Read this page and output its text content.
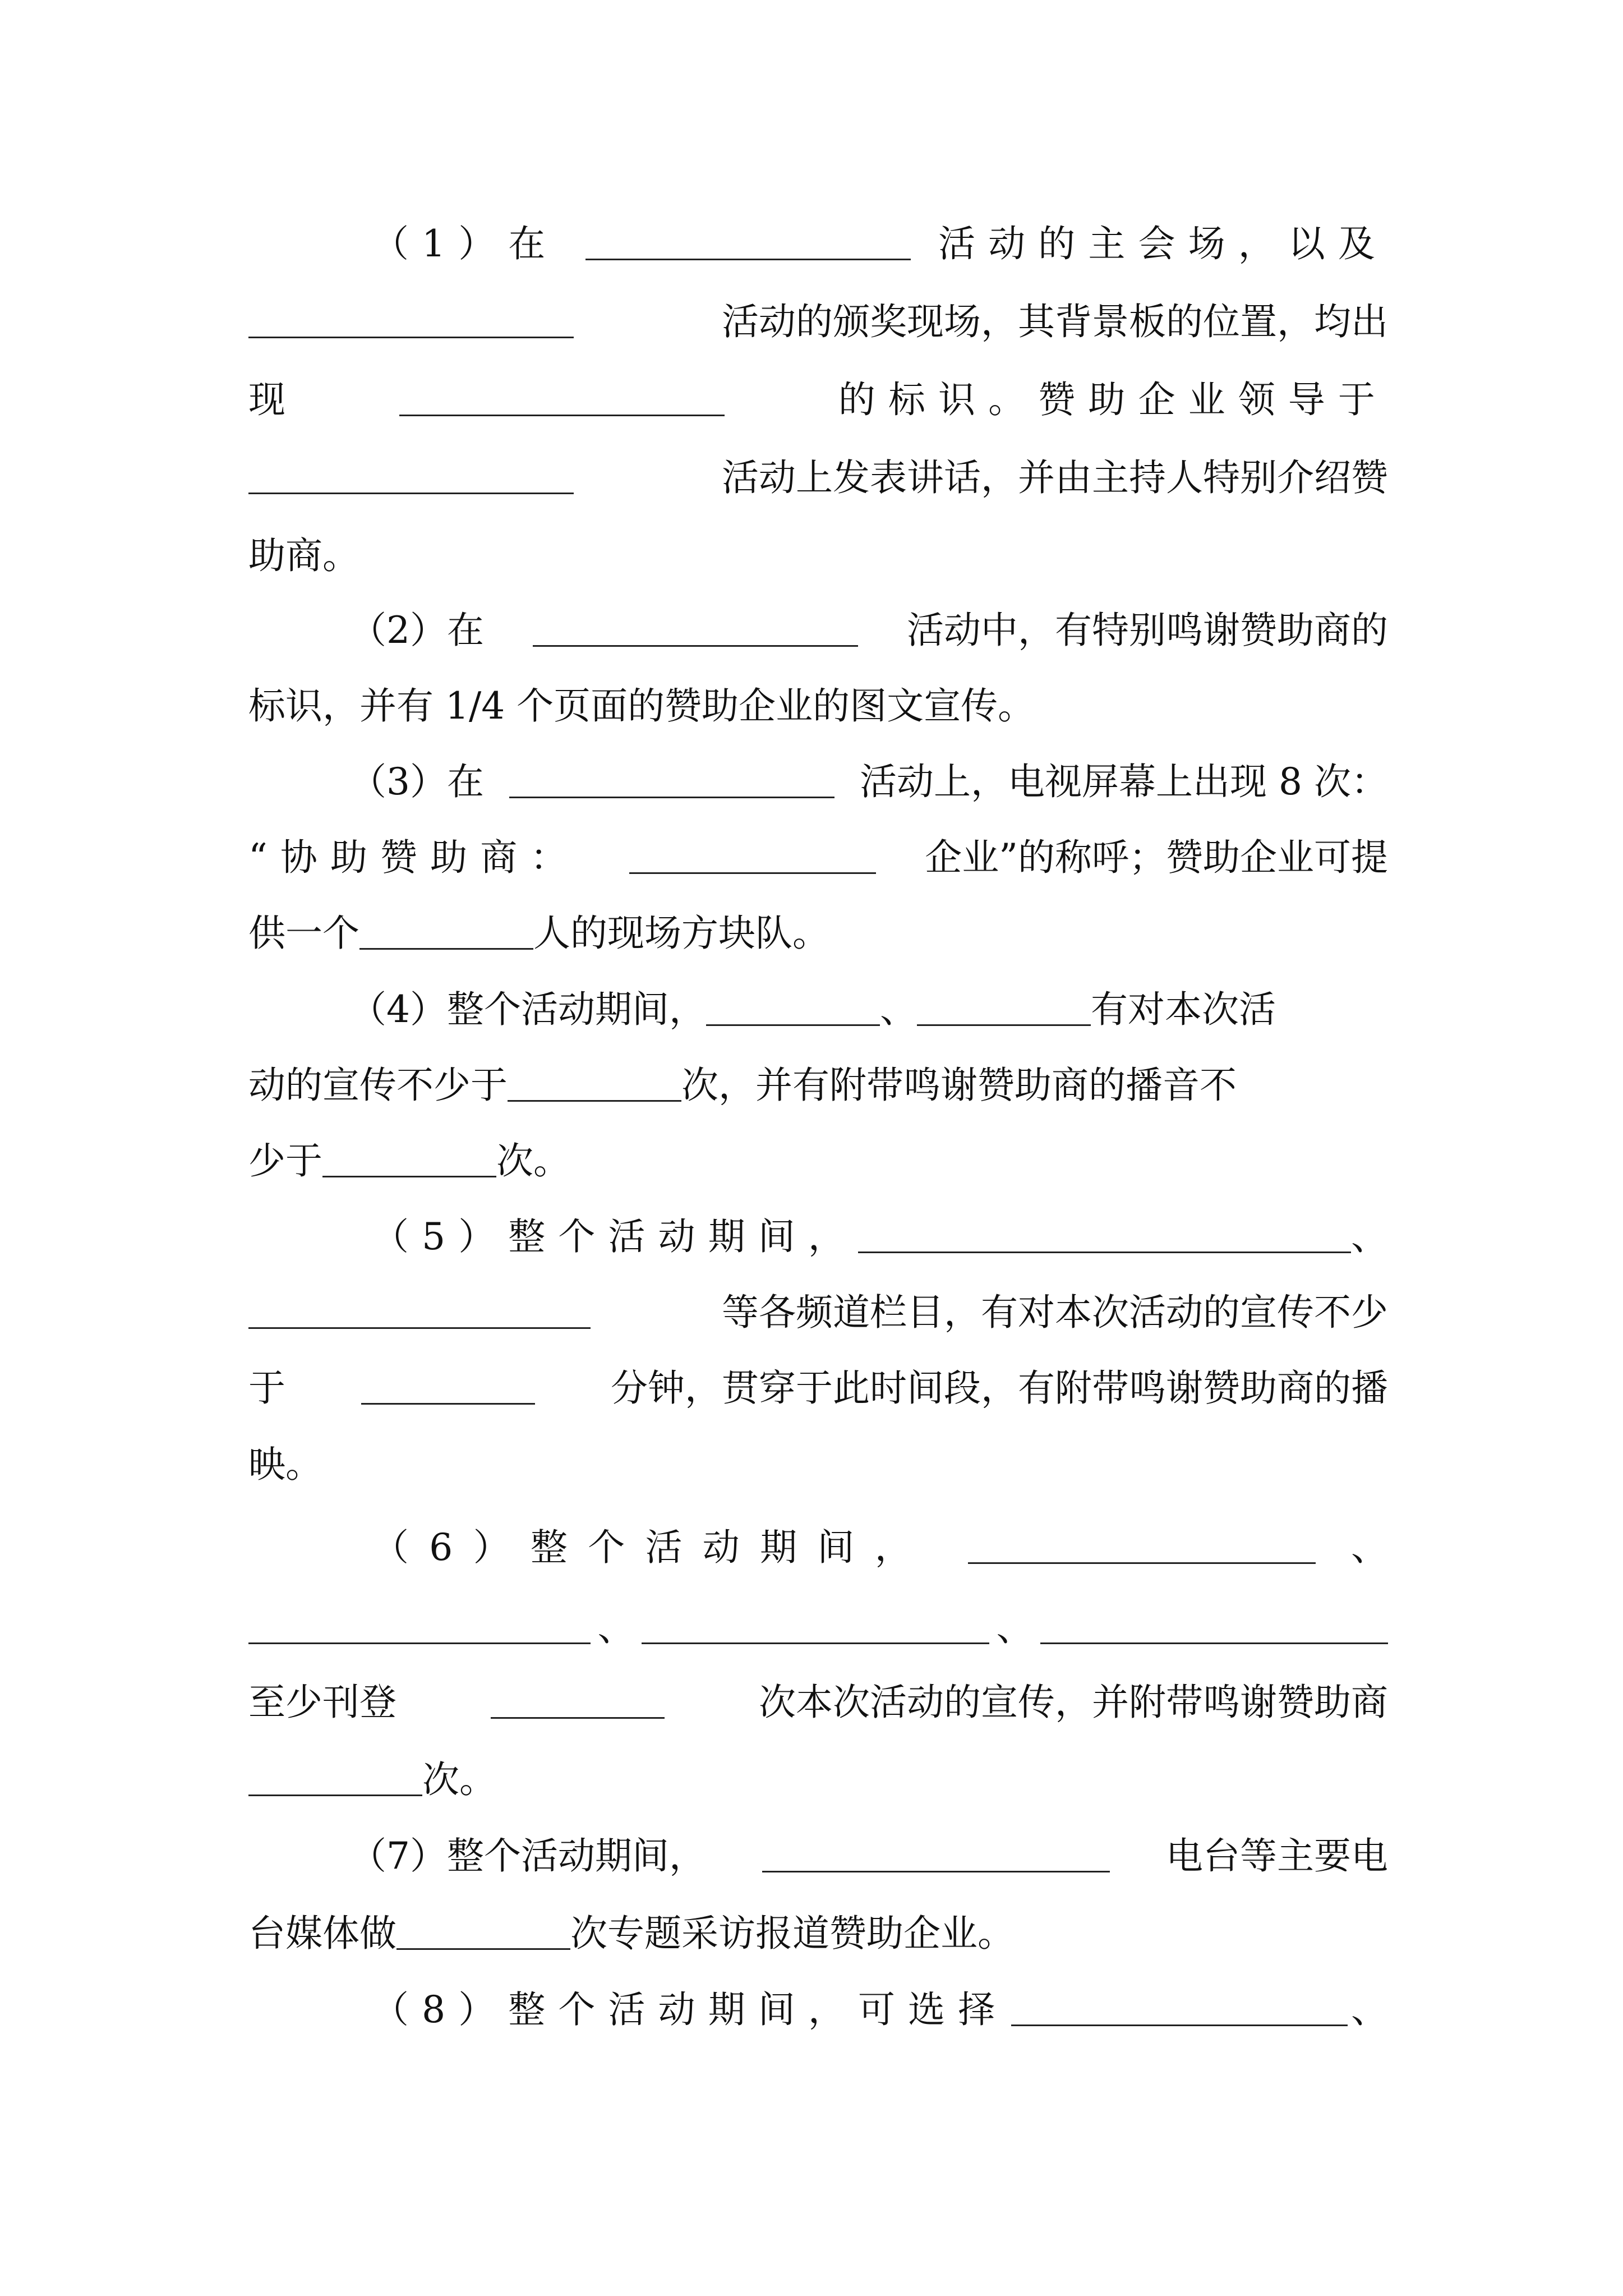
（1）在	活动的主会场，以及
活动的颁奖现场，其背景板的位置，均出
现	的标识。赞助企业领导于
活动上发表讲话，并由主持人特别介绍赞
助商。
（2）在	活动中，有特别鸣谢赞助商的
标识，并有 1/4 个页面的赞助企业的图文宣传。
（3）在	活动上，电视屏幕上出现 8 次：
“协助赞助商：	企业”的称呼；赞助企业可提
供一个	人的现场方块队。
（4）整个活动期间，	、	有对本次活
动的宣传不少于	次，并有附带鸣谢赞助商的播音不
少于	次。
（5）整个活动期间，	、
等各频道栏目，有对本次活动的宣传不少
于	分钟，贯穿于此时间段，有附带鸣谢赞助商的播
映。
（6）整个活动期间，	、
、	、
至少刊登	次本次活动的宣传，并附带鸣谢赞助商
次。
（7）整个活动期间，	电台等主要电
台媒体做	次专题采访报道赞助企业。
（8）整个活动期间，可选择	、
